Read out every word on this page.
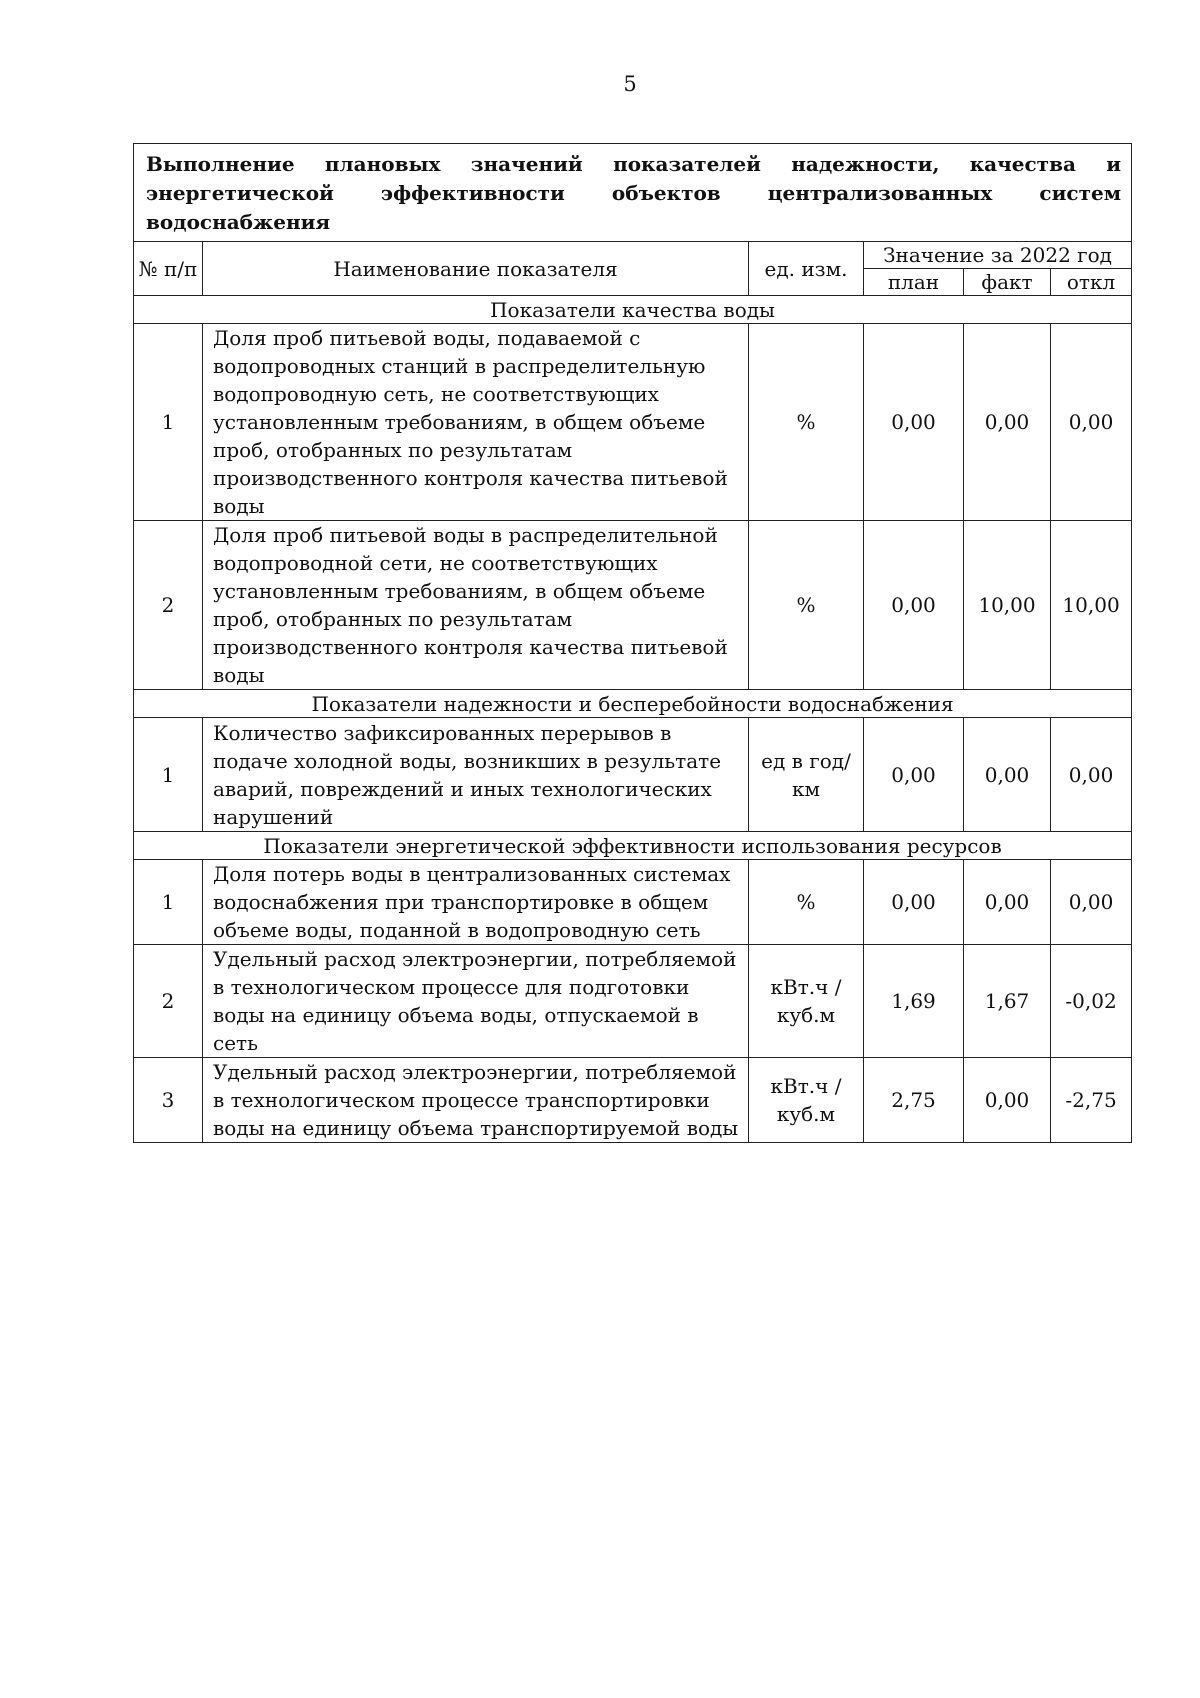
5
Выполнение плановых значений показателей надежности, качества и энергетической эффективности объектов централизованных систем водоснабжения					
№ п/п	Наименование показателя	ед. изм.	Значение за 2022 год		
			план	факт	откл
Показатели качества воды					
1	Доля проб питьевой воды, подаваемой с водопроводных станций в распределительную водопроводную сеть, не соответствующих установленным требованиям, в общем объеме проб, отобранных по результатам производственного контроля качества питьевой воды	%	0,00	0,00	0,00
2	Доля проб питьевой воды в распределительной водопроводной сети, не соответствующих установленным требованиям, в общем объеме проб, отобранных по результатам производственного контроля качества питьевой воды	%	0,00	10,00	10,00
Показатели надежности и бесперебойности водоснабжения					
1	Количество зафиксированных перерывов в подаче холодной воды, возникших в результате аварий, повреждений и иных технологических нарушений	ед в год/ км	0,00	0,00	0,00
Показатели энергетической эффективности использования ресурсов					
1	Доля потерь воды в централизованных системах водоснабжения при транспортировке в общем объеме воды, поданной в водопроводную сеть	%	0,00	0,00	0,00
2	Удельный расход электроэнергии, потребляемой в технологическом процессе для подготовки воды на единицу объема воды, отпускаемой в сеть	кВт.ч / куб.м	1,69	1,67	-0,02
3	Удельный расход электроэнергии, потребляемой в технологическом процессе транспортировки воды на единицу объема транспортируемой воды	кВт.ч / куб.м	2,75	0,00	-2,75
